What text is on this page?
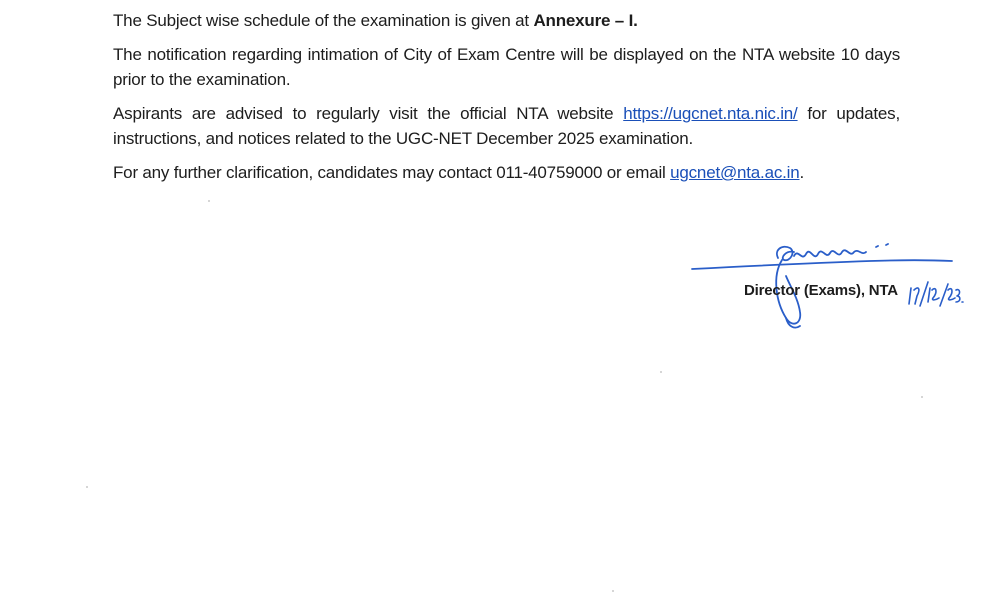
The Subject wise schedule of the examination is given at Annexure – I.

The notification regarding intimation of City of Exam Centre will be displayed on the NTA website 10 days prior to the examination.

Aspirants are advised to regularly visit the official NTA website https://ugcnet.nta.nic.in/ for updates, instructions, and notices related to the UGC-NET December 2025 examination.

For any further clarification, candidates may contact 011-40759000 or email ugcnet@nta.ac.in.

Director (Exams), NTA
